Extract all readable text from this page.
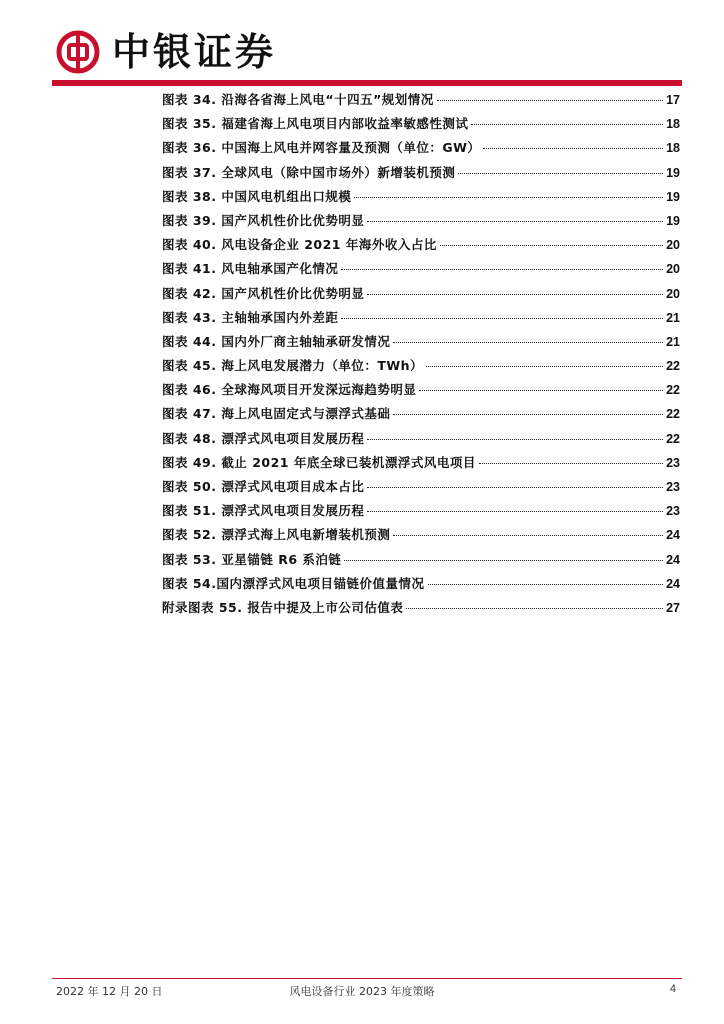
中银证券
图表 34. 沿海各省海上风电“十四五”规划情况	17
图表 35. 福建省海上风电项目内部收益率敏感性测试	18
图表 36. 中国海上风电并网容量及预测（单位：GW）	18
图表 37. 全球风电（除中国市场外）新增装机预测	19
图表 38. 中国风电机组出口规模	19
图表 39. 国产风机性价比优势明显	19
图表 40. 风电设备企业 2021 年海外收入占比	20
图表 41. 风电轴承国产化情况	20
图表 42. 国产风机性价比优势明显	20
图表 43. 主轴轴承国内外差距	21
图表 44. 国内外厂商主轴轴承研发情况	21
图表 45. 海上风电发展潜力（单位：TWh）	22
图表 46. 全球海风项目开发深远海趋势明显	22
图表 47. 海上风电固定式与漂浮式基础	22
图表 48. 漂浮式风电项目发展历程	22
图表 49. 截止 2021 年底全球已装机漂浮式风电项目	23
图表 50. 漂浮式风电项目成本占比	23
图表 51. 漂浮式风电项目发展历程	23
图表 52. 漂浮式海上风电新增装机预测	24
图表 53. 亚星锚链 R6 系泊链	24
图表 54.国内漂浮式风电项目锚链价值量情况	24
附录图表 55. 报告中提及上市公司估值表	27
2022 年 12 月 20 日	风电设备行业 2023 年度策略	4
